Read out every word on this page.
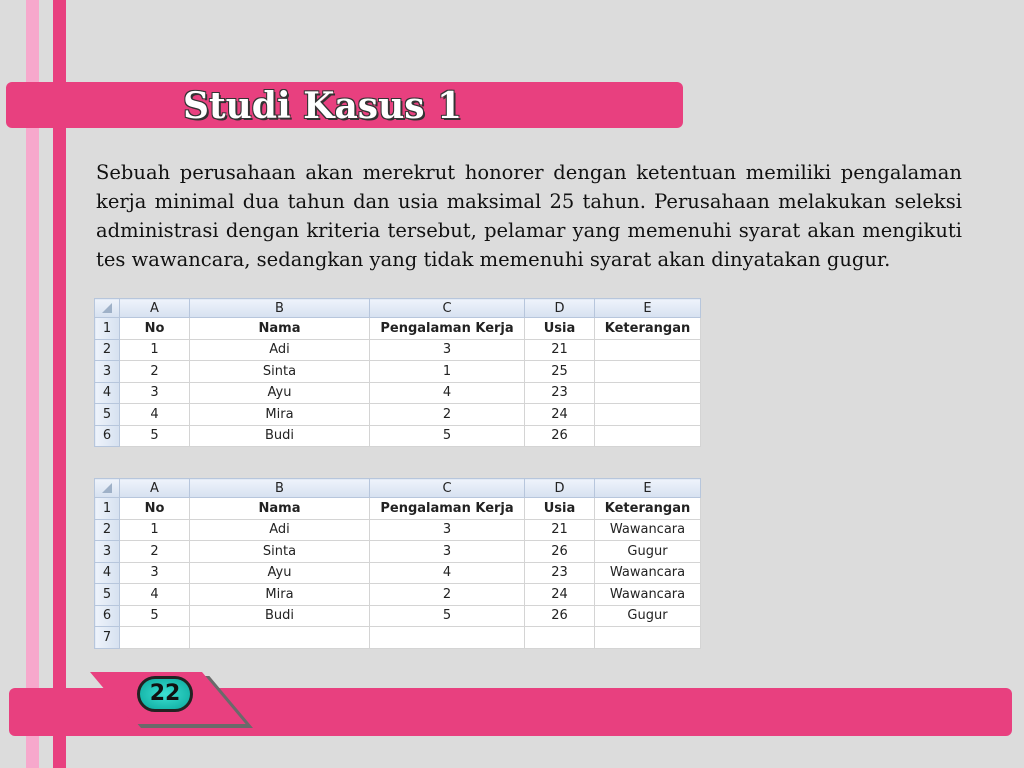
Studi Kasus 1

Sebuah perusahaan akan merekrut honorer dengan ketentuan memiliki pengalaman kerja minimal dua tahun dan usia maksimal 25 tahun. Perusahaan melakukan seleksi administrasi dengan kriteria tersebut, pelamar yang memenuhi syarat akan mengikuti tes wawancara, sedangkan yang tidak memenuhi syarat akan dinyatakan gugur.

	A	B	C	D	E
1	No	Nama	Pengalaman Kerja	Usia	Keterangan
2	1	Adi	3	21	
3	2	Sinta	1	25	
4	3	Ayu	4	23	
5	4	Mira	2	24	
6	5	Budi	5	26	
	A	B	C	D	E
1	No	Nama	Pengalaman Kerja	Usia	Keterangan
2	1	Adi	3	21	Wawancara
3	2	Sinta	3	26	Gugur
4	3	Ayu	4	23	Wawancara
5	4	Mira	2	24	Wawancara
6	5	Budi	5	26	Gugur
7					
22
